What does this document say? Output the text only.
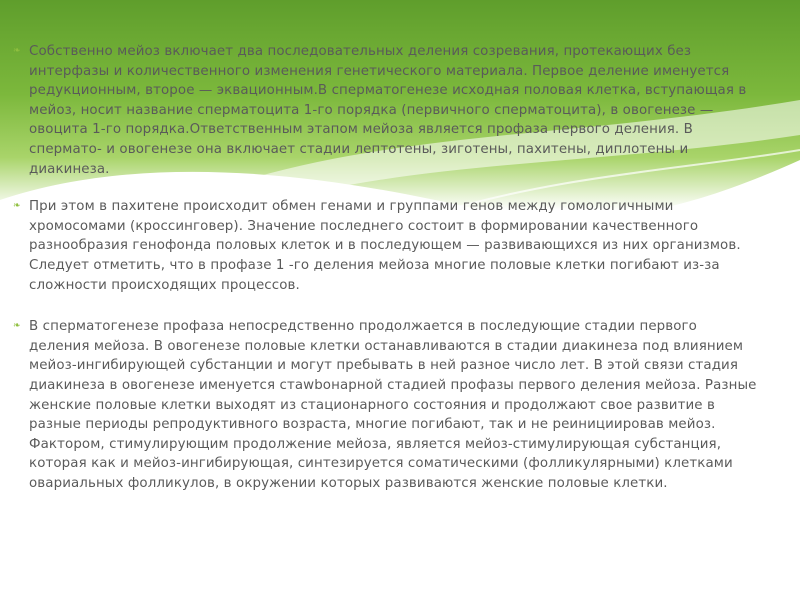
❧ Собственно мейоз включает два последовательных деления созревания, протекающих без интерфазы и количественного изменения генетического материала. Первое деление именуется редукционным, второе — эквационным.В сперматогенезе исходная половая клетка, вступающая в мейоз, носит название сперматоцита 1-го порядка (первичного сперматоцита), в овогенезе — овоцита 1-го порядка.Ответственным этапом мейоза является профаза первого деления. В спермато- и овогенезе она включает стадии лептотены, зиготены, пахитены, диплотены и диакинеза.
❧ При этом в пахитене происходит обмен генами и группами генов между гомологичными хромосомами (кроссинговер). Значение последнего состоит в формировании качественного разнообразия генофонда половых клеток и в последующем — развивающихся из них организмов. Следует отметить, что в профазе 1 -го деления мейоза многие половые клетки погибают из-за сложности происходящих процессов.
❧ В сперматогенезе профаза непосредственно продолжается в последующие стадии первого деления мейоза. В овогенезе половые клетки останавливаются в стадии диакинеза под влиянием мейоз-ингибирующей субстанции и могут пребывать в ней разное число лет. В этой связи стадия диакинеза в овогенезе именуется стаwbонарной стадией профазы первого деления мейоза. Разные женские половые клетки выходят из стационарного состояния и продолжают свое развитие в разные периоды репродуктивного возраста, многие погибают, так и не реинициировав мейоз. Фактором, стимулирующим продолжение мейоза, является мейоз-стимулирующая субстанция, которая как и мейоз-ингибирующая, синтезируется соматическими (фолликулярными) клетками овариальных фолликулов, в окружении которых развиваются женские половые клетки.
